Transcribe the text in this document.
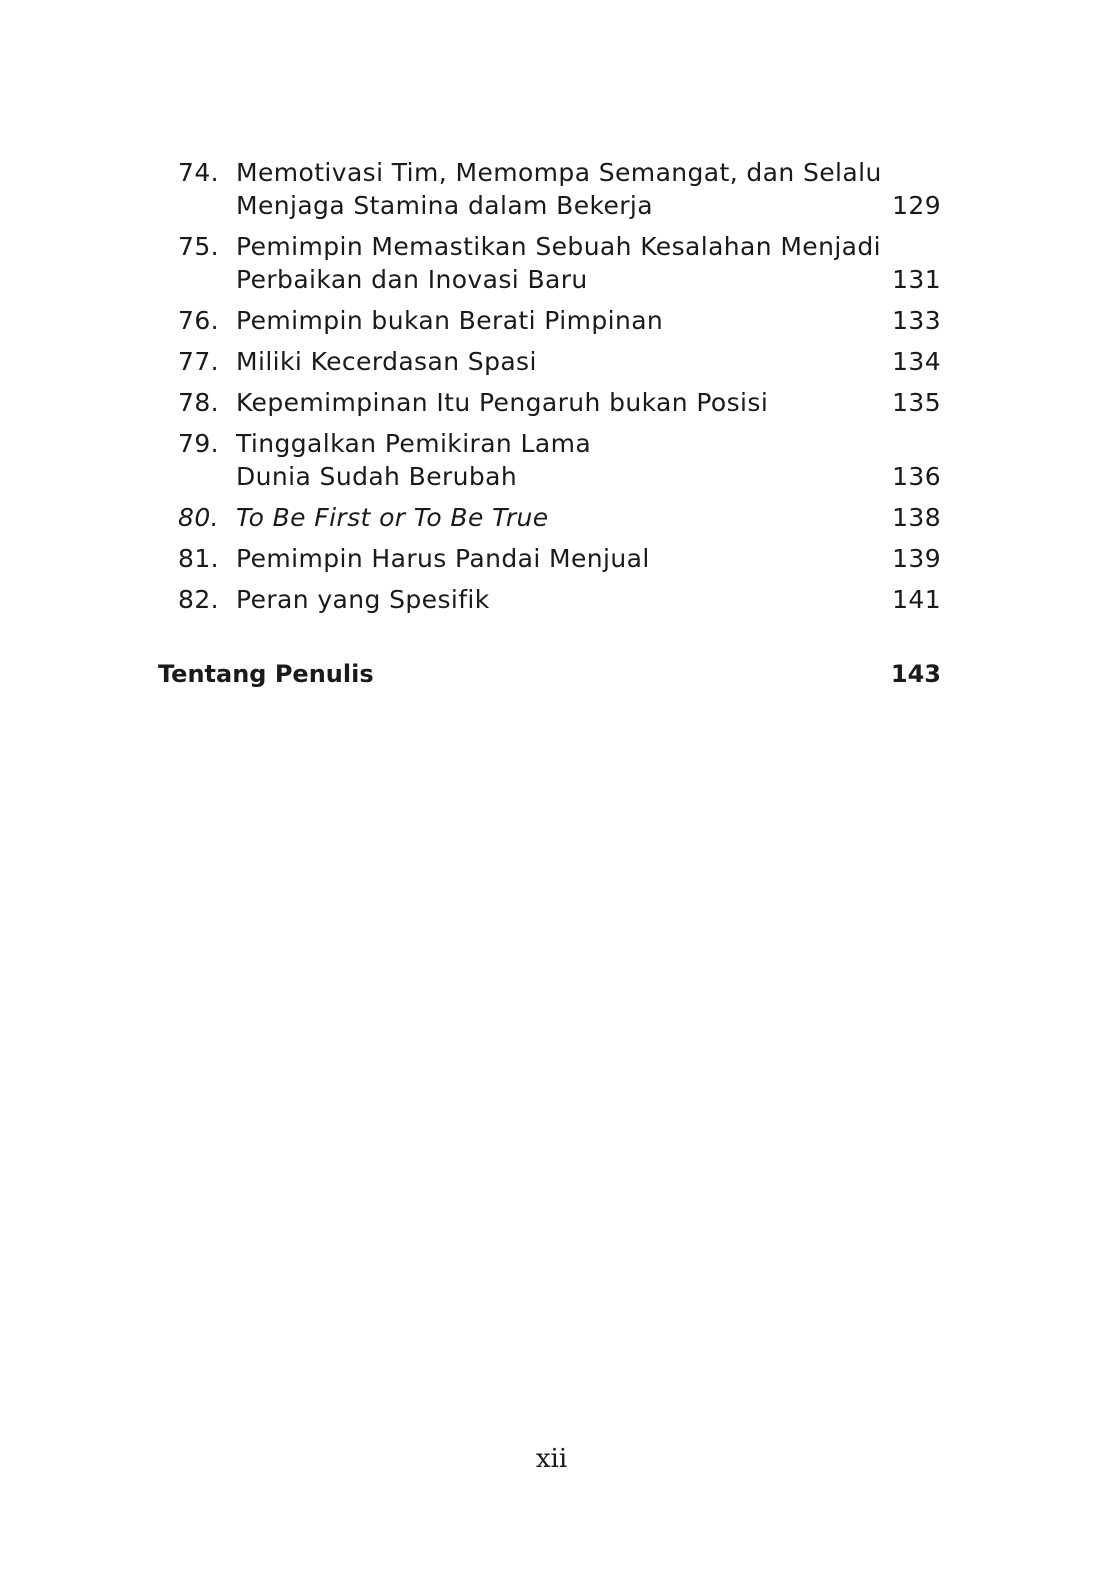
74. Memotivasi Tim, Memompa Semangat, dan Selalu
Menjaga Stamina dalam Bekerja	129
75. Pemimpin Memastikan Sebuah Kesalahan Menjadi
Perbaikan dan Inovasi Baru	131
76. Pemimpin bukan Berati Pimpinan	133
77. Miliki Kecerdasan Spasi	134
78. Kepemimpinan Itu Pengaruh bukan Posisi	135
79. Tinggalkan Pemikiran Lama
Dunia Sudah Berubah	136
80. To Be First or To Be True	138
81. Pemimpin Harus Pandai Menjual	139
82. Peran yang Spesifik	141
Tentang Penulis	143
xii
